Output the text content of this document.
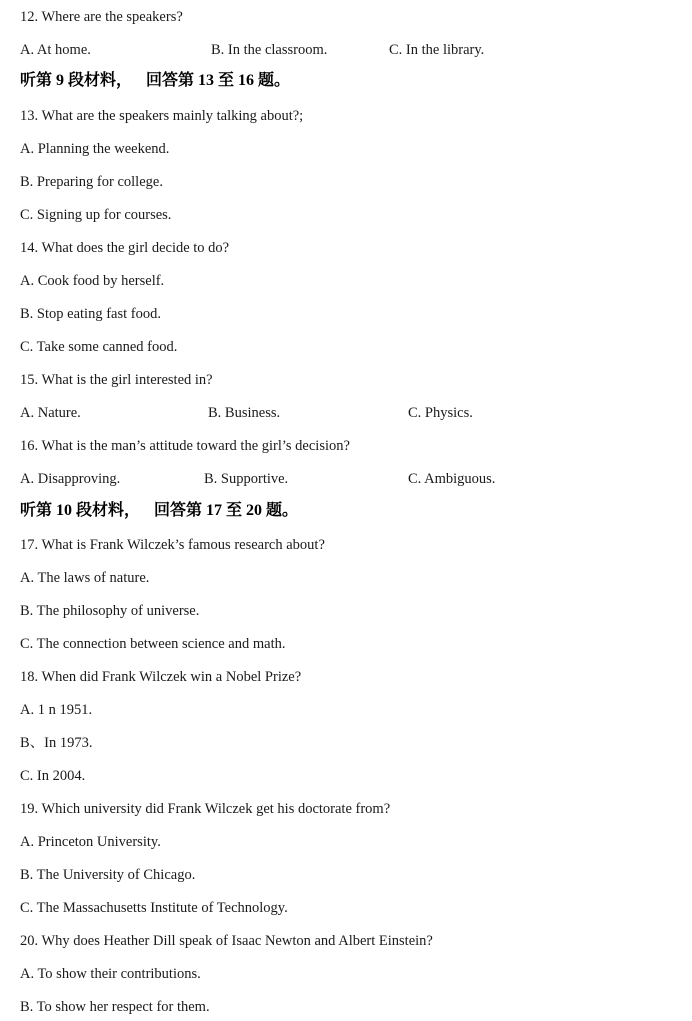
12. Where are the speakers?
A. At home.	B. In the classroom.	C. In the library.
听第 9 段材料， 回答第 13 至 16 题。
13. What are the speakers mainly talking about?;
A. Planning the weekend.
B. Preparing for college.
C. Signing up for courses.
14. What does the girl decide to do?
A. Cook food by herself.
B. Stop eating fast food.
C. Take some canned food.
15. What is the girl interested in?
A. Nature.	B. Business.	C. Physics.
16. What is the man’s attitude toward the girl’s decision?
A. Disapproving.	B. Supportive.	C. Ambiguous.
听第 10 段材料， 回答第 17 至 20 题。
17. What is Frank Wilczek’s famous research about?
A. The laws of nature.
B. The philosophy of universe.
C. The connection between science and math.
18. When did Frank Wilczek win a Nobel Prize?
A. 1 n 1951.
B、In 1973.
C. In 2004.
19. Which university did Frank Wilczek get his doctorate from?
A. Princeton University.
B. The University of Chicago.
C. The Massachusetts Institute of Technology.
20. Why does Heather Dill speak of Isaac Newton and Albert Einstein?
A. To show their contributions.
B. To show her respect for them.
